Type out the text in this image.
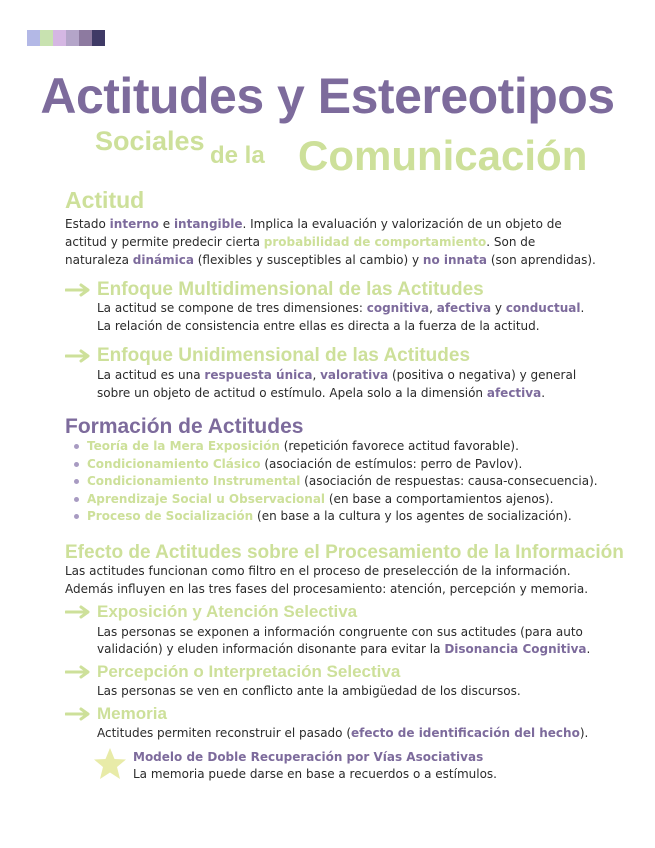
Actitudes y Estereotipos
Sociales de la Comunicación
Actitud
Estado interno e intangible. Implica la evaluación y valorización de un objeto de
actitud y permite predecir cierta probabilidad de comportamiento. Son de
naturaleza dinámica (flexibles y susceptibles al cambio) y no innata (son aprendidas).
Enfoque Multidimensional de las Actitudes
La actitud se compone de tres dimensiones: cognitiva, afectiva y conductual.
La relación de consistencia entre ellas es directa a la fuerza de la actitud.
Enfoque Unidimensional de las Actitudes
La actitud es una respuesta única, valorativa (positiva o negativa) y general
sobre un objeto de actitud o estímulo. Apela solo a la dimensión afectiva.
Formación de Actitudes
Teoría de la Mera Exposición (repetición favorece actitud favorable).
Condicionamiento Clásico (asociación de estímulos: perro de Pavlov).
Condicionamiento Instrumental (asociación de respuestas: causa-consecuencia).
Aprendizaje Social u Observacional (en base a comportamientos ajenos).
Proceso de Socialización (en base a la cultura y los agentes de socialización).
Efecto de Actitudes sobre el Procesamiento de la Información
Las actitudes funcionan como filtro en el proceso de preselección de la información.
Además influyen en las tres fases del procesamiento: atención, percepción y memoria.
Exposición y Atención Selectiva
Las personas se exponen a información congruente con sus actitudes (para auto
validación) y eluden información disonante para evitar la Disonancia Cognitiva.
Percepción o Interpretación Selectiva
Las personas se ven en conflicto ante la ambigüedad de los discursos.
Memoria
Actitudes permiten reconstruir el pasado (efecto de identificación del hecho).
Modelo de Doble Recuperación por Vías Asociativas
La memoria puede darse en base a recuerdos o a estímulos.
